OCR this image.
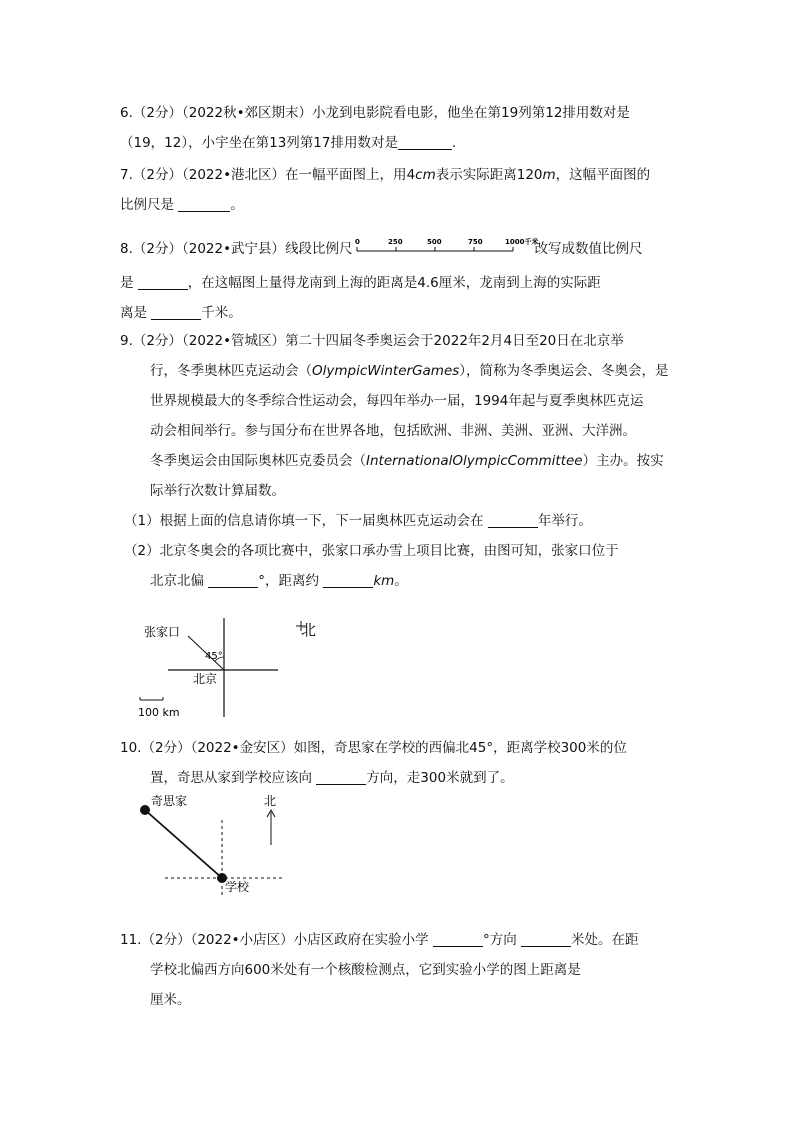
6.（2分）（2022秋•郊区期末）小龙到电影院看电影，他坐在第19列第12排用数对是
（19，12），小宇坐在第13列第17排用数对是	.
7.（2分）（2022•港北区）在一幅平面图上，用4cm表示实际距离120m，这幅平面图的
比例尺是	。
8.（2分）（2022•武宁县）线段比例尺 0	250	500	750	1000千米
改写成数值比例尺
是	，在这幅图上量得龙南到上海的距离是4.6厘米，龙南到上海的实际距
离是	千米。
9.（2分）（2022•管城区）第二十四届冬季奥运会于2022年2月4日至20日在北京举
行，冬季奥林匹克运动会（OlympicWinterGames），简称为冬季奥运会、冬奥会，是
世界规模最大的冬季综合性运动会，每四年举办一届，1994年起与夏季奥林匹克运
动会相间举行。参与国分布在世界各地，包括欧洲、非洲、美洲、亚洲、大洋洲。
冬季奥运会由国际奥林匹克委员会（InternationalOlympicCommittee）主办。按实
际举行次数计算届数。
（1）根据上面的信息请你填一下，下一届奥林匹克运动会在	年举行。
（2）北京冬奥会的各项比赛中，张家口承办雪上项目比赛，由图可知，张家口位于
北京北偏	°，距离约	km。
张家口
45°
北京
北
100 km
10.（2分）（2022•金安区）如图，奇思家在学校的西偏北45°，距离学校300米的位
置，奇思从家到学校应该向	方向，走300米就到了。
奇思家
学校
北
11.（2分）（2022•小店区）小店区政府在实验小学	°方向	米处。在距
学校北偏西方向600米处有一个核酸检测点，它到实验小学的图上距离是
厘米。
